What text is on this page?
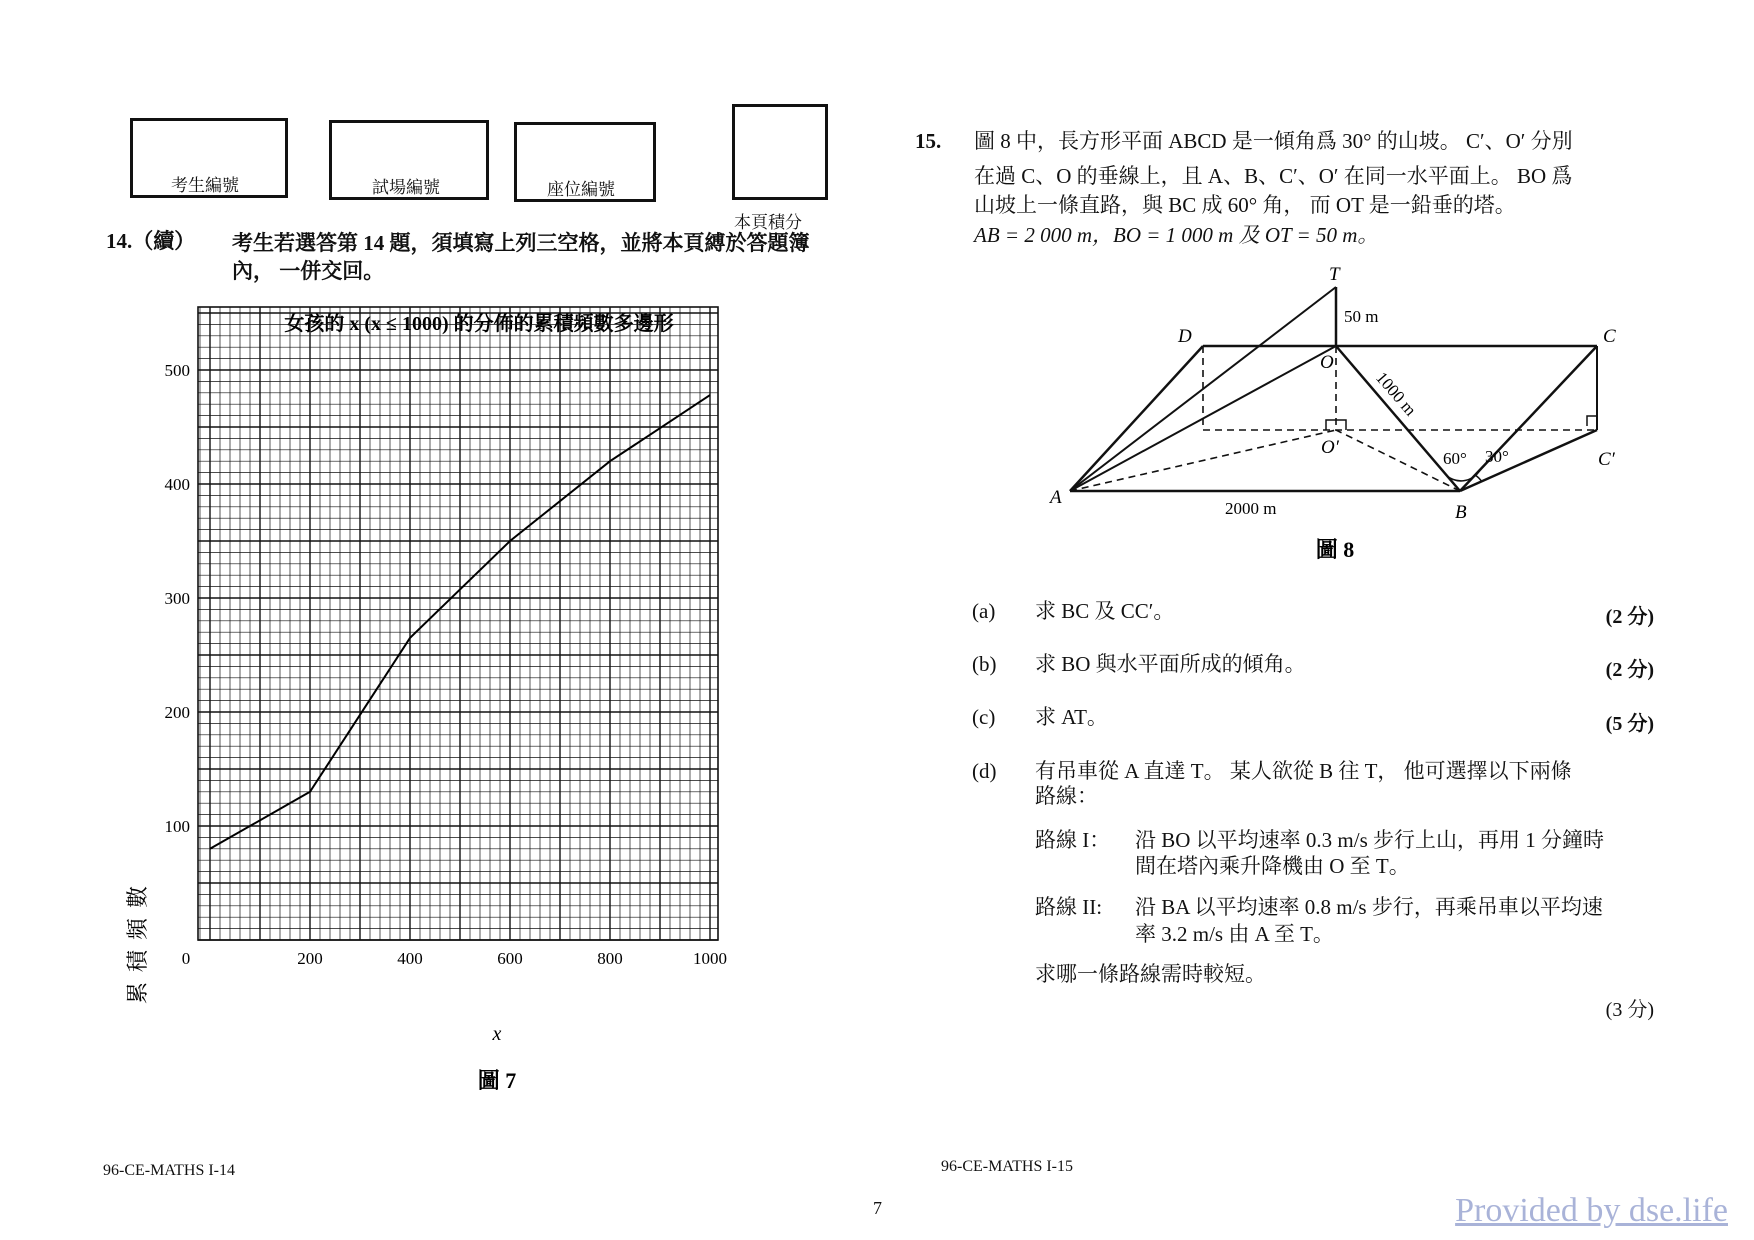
考生編號	試場編號	座位編號
本頁積分
14.（續） 考生若選答第 14 題，須填寫上列三空格，並將本頁縛於答題簿
內， 一併交回。
女孩的 x (x ≤ 1000) 的分佈的累積頻數多邊形
100
200
300
400
500
0	200	400	600	800	1000
累積頻數
x
圖 7
96-CE-MATHS I-14
15. 圖 8 中，長方形平面 ABCD 是一傾角爲 30° 的山坡。 C′、O′ 分別
在過 C、O 的垂線上，且 A、B、C′、O′ 在同一水平面上。 BO 爲
山坡上一條直路，與 BC 成 60° 角， 而 OT 是一鉛垂的塔。
AB = 2 000 m，BO = 1 000 m 及 OT = 50 m。
T
D	C
O
O′
A
B
C′
50 m
1000 m
2000 m
60° 30°
圖 8
(a) 求 BC 及 CC′。	(2 分)
(b) 求 BO 與水平面所成的傾角。	(2 分)
(c) 求 AT。	(5 分)
(d) 有吊車從 A 直達 T。 某人欲從 B 往 T， 他可選擇以下兩條
路線：
路線 I： 沿 BO 以平均速率 0.3 m/s 步行上山，再用 1 分鐘時
間在塔內乘升降機由 O 至 T。
路線 II: 沿 BA 以平均速率 0.8 m/s 步行，再乘吊車以平均速
率 3.2 m/s 由 A 至 T。
求哪一條路線需時較短。
(3 分)
96-CE-MATHS I-15
7	Provided by dse.life
